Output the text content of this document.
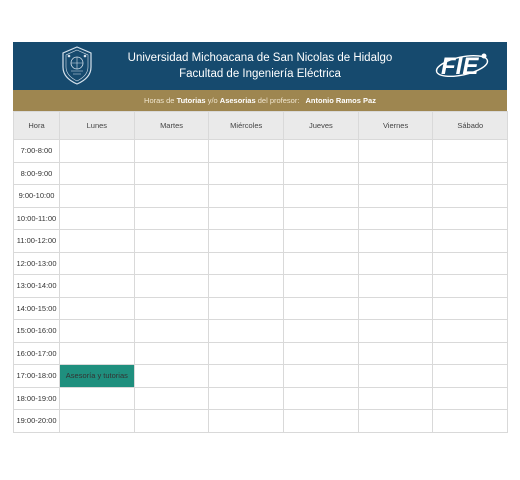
Universidad Michoacana de San Nicolas de Hidalgo
Facultad de Ingeniería Eléctrica	FIE
Horas de Tutorias y/o Asesorias del profesor: Antonio Ramos Paz
Hora	Lunes	Martes	Miércoles	Jueves	Viernes	Sábado
7:00-8:00						
8:00-9:00						
9:00-10:00						
10:00-11:00						
11:00-12:00						
12:00-13:00						
13:00-14:00						
14:00-15:00						
15:00-16:00						
16:00-17:00						
17:00-18:00	Asesoría y tutorias					
18:00-19:00						
19:00-20:00						
